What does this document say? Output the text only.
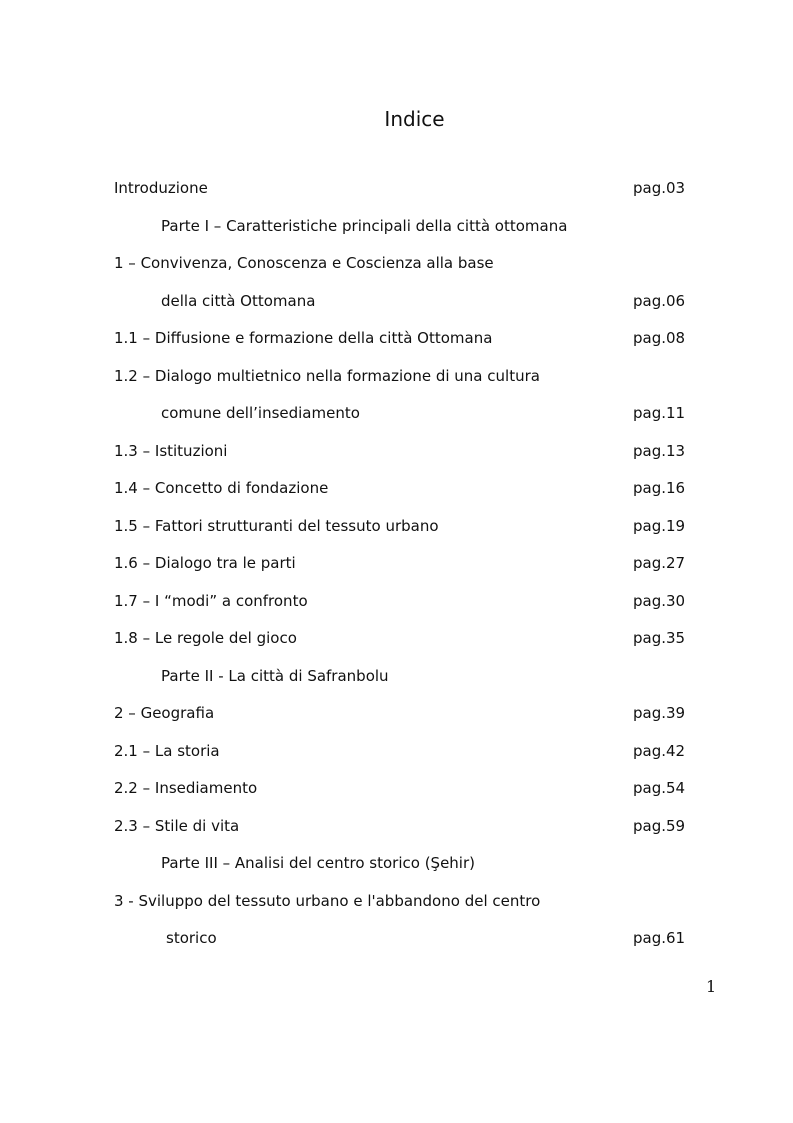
Indice
Introduzione	pag.03
Parte I – Caratteristiche principali della città ottomana
1 – Convivenza, Conoscenza e Coscienza alla base
della città Ottomana	pag.06
1.1 – Diffusione e formazione della città Ottomana	pag.08
1.2 – Dialogo multietnico nella formazione di una cultura
comune dell’insediamento	pag.11
1.3 – Istituzioni	pag.13
1.4 – Concetto di fondazione	pag.16
1.5 – Fattori strutturanti del tessuto urbano	pag.19
1.6 – Dialogo tra le parti	pag.27
1.7 – I “modi” a confronto	pag.30
1.8 – Le regole del gioco	pag.35
Parte II - La città di Safranbolu
2 – Geografia	pag.39
2.1 – La storia	pag.42
2.2 – Insediamento	pag.54
2.3 – Stile di vita	pag.59
Parte III – Analisi del centro storico (Şehir)
3 - Sviluppo del tessuto urbano e l'abbandono del centro
storico	pag.61
1
